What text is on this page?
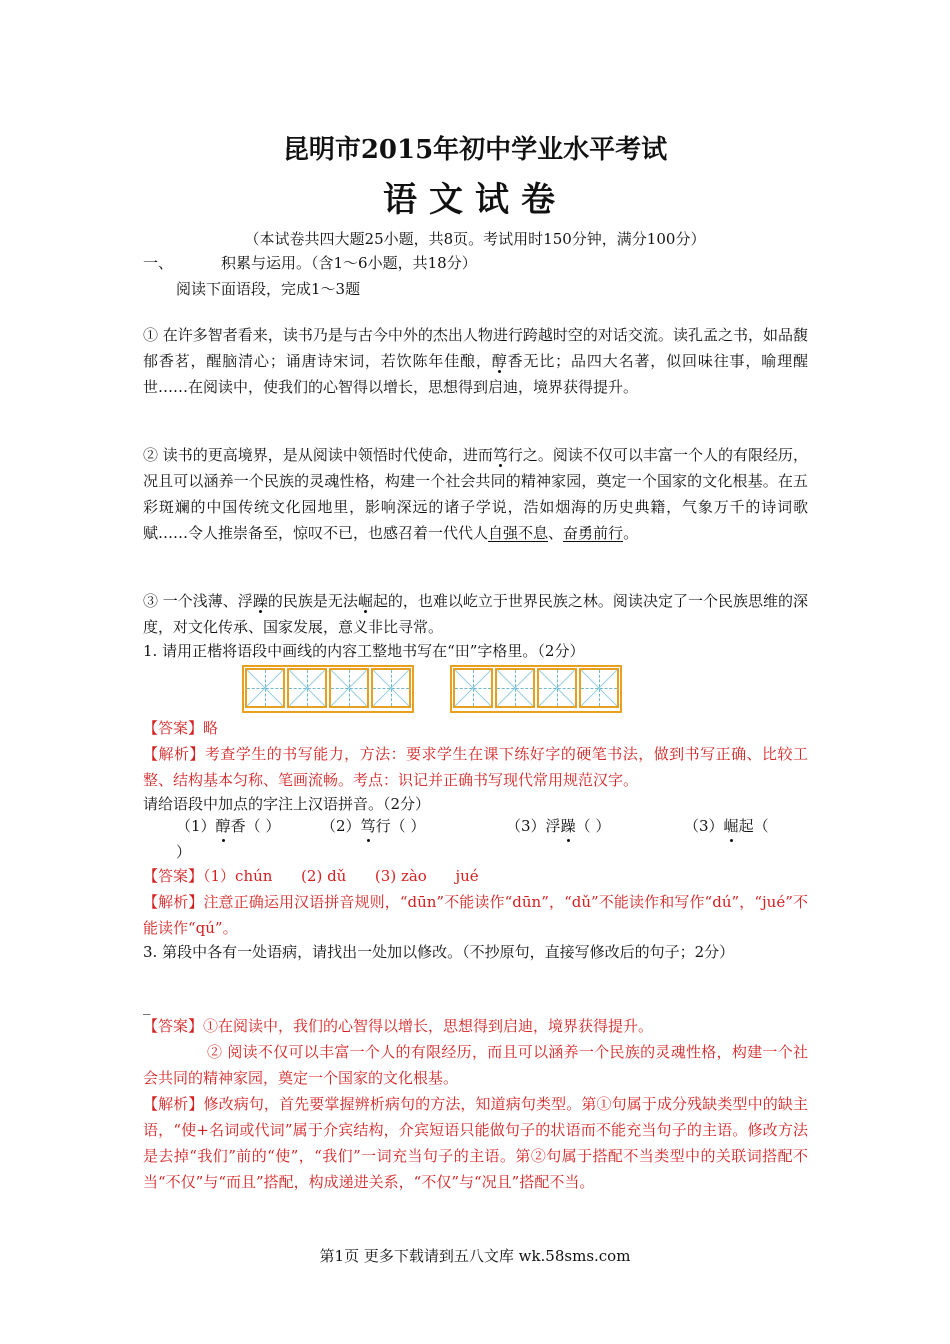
昆明市2015年初中学业水平考试
语文试卷
（本试卷共四大题25小题，共8页。考试用时150分钟，满分100分）
一、	积累与运用。（含1～6小题，共18分）
阅读下面语段，完成1～3题
① 在许多智者看来，读书乃是与古今中外的杰出人物进行跨越时空的对话交流。读孔孟之书，如品馥郁香茗，醒脑清心；诵唐诗宋词，若饮陈年佳酿，醇香无比；品四大名著，似回味往事，喻理醒世……在阅读中，使我们的心智得以增长，思想得到启迪，境界获得提升。
② 读书的更高境界，是从阅读中领悟时代使命，进而笃行之。阅读不仅可以丰富一个人的有限经历，况且可以涵养一个民族的灵魂性格，构建一个社会共同的精神家园，奠定一个国家的文化根基。在五彩斑斓的中国传统文化园地里，影响深远的诸子学说，浩如烟海的历史典籍，气象万千的诗词歌赋……令人推崇备至，惊叹不已，也感召着一代代人自强不息、奋勇前行。
③ 一个浅薄、浮躁的民族是无法崛起的，也难以屹立于世界民族之林。阅读决定了一个民族思维的深度，对文化传承、国家发展，意义非比寻常。
1. 请用正楷将语段中画线的内容工整地书写在“田”字格里。（2分）
【答案】略
【解析】考查学生的书写能力，方法：要求学生在课下练好字的硬笔书法，做到书写正确、比较工整、结构基本匀称、笔画流畅。考点：识记并正确书写现代常用规范汉字。
请给语段中加点的字注上汉语拼音。（2分）
（1）醇香（ ）	（2）笃行（ ）	（3）浮躁（ ）	（3）崛起（
）
【答案】（1）chún      (2) dǔ      (3) zào      jué
【解析】注意正确运用汉语拼音规则，“dūn”不能读作“dūn”，“dǔ”不能读作和写作“dú”，“jué”不能读作“qú”。
3. 第段中各有一处语病，请找出一处加以修改。（不抄原句，直接写修改后的句子；2分）
_
【答案】①在阅读中，我们的心智得以增长，思想得到启迪，境界获得提升。
② 阅读不仅可以丰富一个人的有限经历，而且可以涵养一个民族的灵魂性格，构建一个社会共同的精神家园，奠定一个国家的文化根基。
【解析】修改病句，首先要掌握辨析病句的方法，知道病句类型。第①句属于成分残缺类型中的缺主语，“使+名词或代词”属于介宾结构，介宾短语只能做句子的状语而不能充当句子的主语。修改方法是去掉“我们”前的“使”，“我们”一词充当句子的主语。第②句属于搭配不当类型中的关联词搭配不当“不仅”与“而且”搭配，构成递进关系，“不仅”与“况且”搭配不当。
第1页 更多下载请到五八文库 wk.58sms.com
